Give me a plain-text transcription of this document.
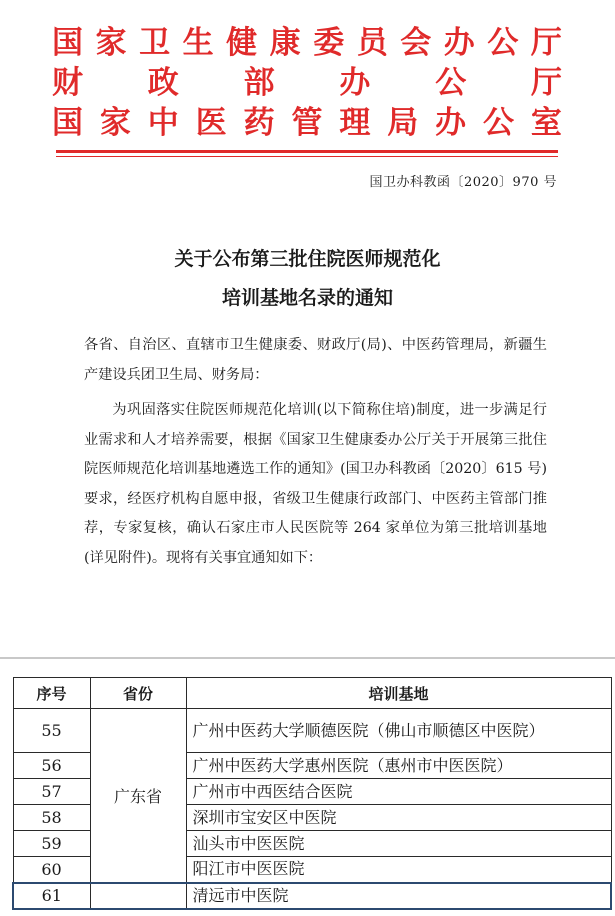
国 家 卫 生 健 康 委 员 会 办 公 厅
财 政 部 办 公 厅
国 家 中 医 药 管 理 局 办 公 室
国卫办科教函〔2020〕970 号
关于公布第三批住院医师规范化
培训基地名录的通知
各省、自治区、直辖市卫生健康委、财政厅(局)、中医药管理局，新疆生产建设兵团卫生局、财务局：
为巩固落实住院医师规范化培训(以下简称住培)制度，进一步满足行业需求和人才培养需要，根据《国家卫生健康委办公厅关于开展第三批住院医师规范化培训基地遴选工作的通知》(国卫办科教函〔2020〕615 号)要求，经医疗机构自愿申报，省级卫生健康行政部门、中医药主管部门推荐，专家复核，确认石家庄市人民医院等 264 家单位为第三批培训基地(详见附件)。现将有关事宜通知如下：
序号	省份	培训基地
55	广东省	广州中医药大学顺德医院（佛山市顺德区中医院）
56		广州中医药大学惠州医院（惠州市中医医院）
57		广州市中西医结合医院
58		深圳市宝安区中医院
59		汕头市中医医院
60		阳江市中医医院
61		清远市中医院
